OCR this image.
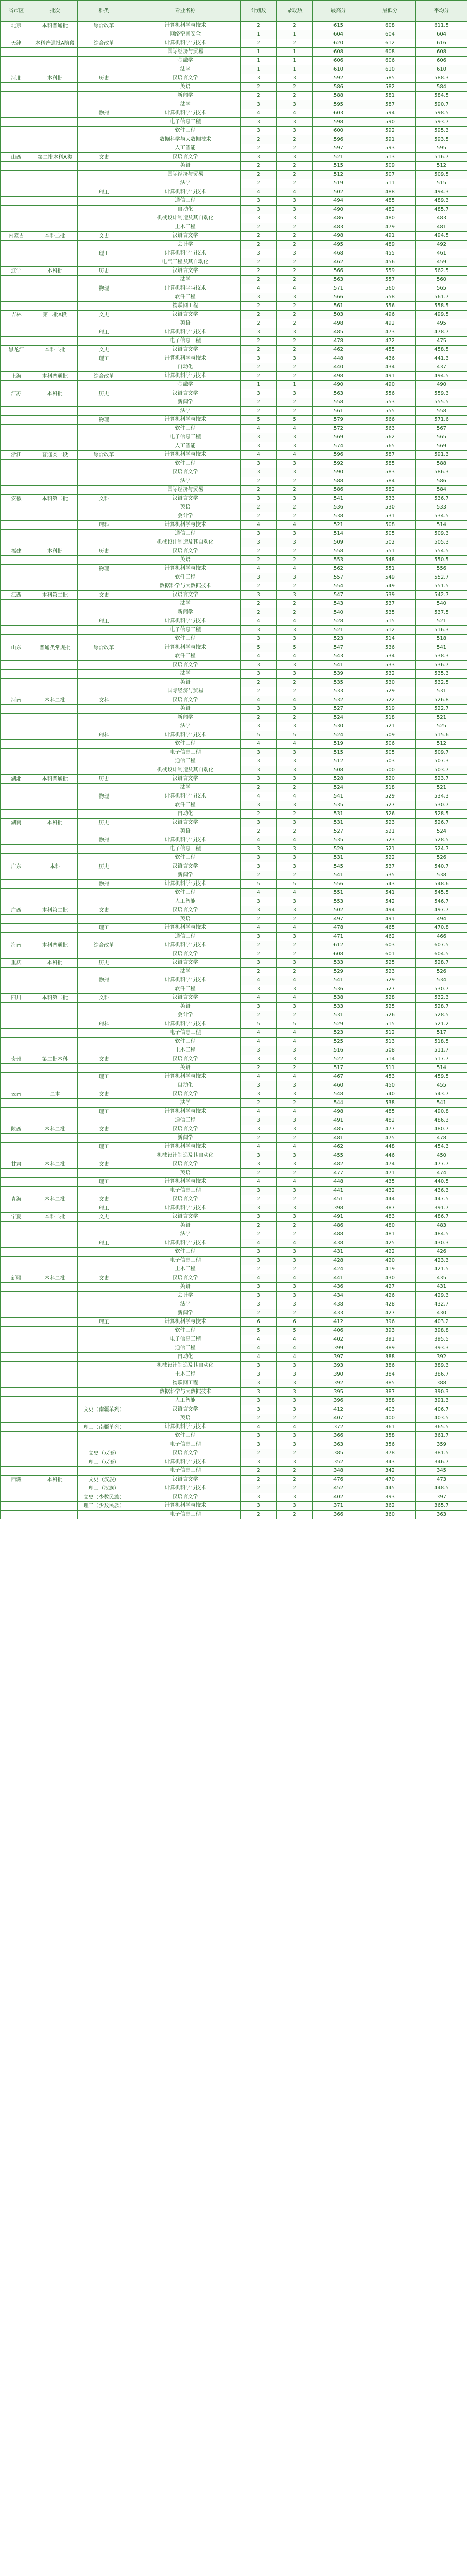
省市区	批次	科类	专业名称	计划数	录取数	最高分	最低分	平均分
北京	本科普通批	综合改革	计算机科学与技术	2	2	615	608	611.5
			网络空间安全	1	1	604	604	604
天津	本科普通批A阶段	综合改革	计算机科学与技术	2	2	620	612	616
			国际经济与贸易	1	1	608	608	608
			金融学	1	1	606	606	606
			法学	1	1	610	610	610
河北	本科批	历史	汉语言文学	3	3	592	585	588.3
			英语	2	2	586	582	584
			新闻学	2	2	588	581	584.5
			法学	3	3	595	587	590.7
		物理	计算机科学与技术	4	4	603	594	598.5
			电子信息工程	3	3	598	590	593.7
			软件工程	3	3	600	592	595.3
			数据科学与大数据技术	2	2	596	591	593.5
			人工智能	2	2	597	593	595
山西	第二批本科A类	文史	汉语言文学	3	3	521	513	516.7
			英语	2	2	515	509	512
			国际经济与贸易	2	2	512	507	509.5
			法学	2	2	519	511	515
		理工	计算机科学与技术	4	4	502	488	494.3
			通信工程	3	3	494	485	489.3
			自动化	3	3	490	482	485.7
			机械设计制造及其自动化	3	3	486	480	483
			土木工程	2	2	483	479	481
内蒙古	本科二批	文史	汉语言文学	2	2	498	491	494.5
			会计学	2	2	495	489	492
		理工	计算机科学与技术	3	3	468	455	461
			电气工程及其自动化	2	2	462	456	459
辽宁	本科批	历史	汉语言文学	2	2	566	559	562.5
			法学	2	2	563	557	560
		物理	计算机科学与技术	4	4	571	560	565
			软件工程	3	3	566	558	561.7
			物联网工程	2	2	561	556	558.5
吉林	第二批A段	文史	汉语言文学	2	2	503	496	499.5
			英语	2	2	498	492	495
		理工	计算机科学与技术	3	3	485	473	478.7
			电子信息工程	2	2	478	472	475
黑龙江	本科二批	文史	汉语言文学	2	2	462	455	458.5
		理工	计算机科学与技术	3	3	448	436	441.3
			自动化	2	2	440	434	437
上海	本科普通批	综合改革	计算机科学与技术	2	2	498	491	494.5
			金融学	1	1	490	490	490
江苏	本科批	历史	汉语言文学	3	3	563	556	559.3
			新闻学	2	2	558	553	555.5
			法学	2	2	561	555	558
		物理	计算机科学与技术	5	5	579	566	571.6
			软件工程	4	4	572	563	567
			电子信息工程	3	3	569	562	565
			人工智能	3	3	574	565	569
浙江	普通类一段	综合改革	计算机科学与技术	4	4	596	587	591.3
			软件工程	3	3	592	585	588
			汉语言文学	3	3	590	583	586.3
			法学	2	2	588	584	586
			国际经济与贸易	2	2	586	582	584
安徽	本科第二批	文科	汉语言文学	3	3	541	533	536.7
			英语	2	2	536	530	533
			会计学	2	2	538	531	534.5
		理科	计算机科学与技术	4	4	521	508	514
			通信工程	3	3	514	505	509.3
			机械设计制造及其自动化	3	3	509	502	505.3
福建	本科批	历史	汉语言文学	2	2	558	551	554.5
			英语	2	2	553	548	550.5
		物理	计算机科学与技术	4	4	562	551	556
			软件工程	3	3	557	549	552.7
			数据科学与大数据技术	2	2	554	549	551.5
江西	本科第二批	文史	汉语言文学	3	3	547	539	542.7
			法学	2	2	543	537	540
			新闻学	2	2	540	535	537.5
		理工	计算机科学与技术	4	4	528	515	521
			电子信息工程	3	3	521	512	516.3
			软件工程	3	3	523	514	518
山东	普通类常规批	综合改革	计算机科学与技术	5	5	547	536	541
			软件工程	4	4	543	534	538.3
			汉语言文学	3	3	541	533	536.7
			法学	3	3	539	532	535.3
			英语	2	2	535	530	532.5
			国际经济与贸易	2	2	533	529	531
河南	本科二批	文科	汉语言文学	4	4	532	522	526.8
			英语	3	3	527	519	522.7
			新闻学	2	2	524	518	521
			法学	3	3	530	521	525
		理科	计算机科学与技术	5	5	524	509	515.6
			软件工程	4	4	519	506	512
			电子信息工程	3	3	515	505	509.7
			通信工程	3	3	512	503	507.3
			机械设计制造及其自动化	3	3	508	500	503.7
湖北	本科普通批	历史	汉语言文学	3	3	528	520	523.7
			法学	2	2	524	518	521
		物理	计算机科学与技术	4	4	541	529	534.3
			软件工程	3	3	535	527	530.7
			自动化	2	2	531	526	528.5
湖南	本科批	历史	汉语言文学	3	3	531	523	526.7
			英语	2	2	527	521	524
		物理	计算机科学与技术	4	4	535	523	528.5
			电子信息工程	3	3	529	521	524.7
			软件工程	3	3	531	522	526
广东	本科	历史	汉语言文学	3	3	545	537	540.7
			新闻学	2	2	541	535	538
		物理	计算机科学与技术	5	5	556	543	548.6
			软件工程	4	4	551	541	545.5
			人工智能	3	3	553	542	546.7
广西	本科第二批	文史	汉语言文学	3	3	502	494	497.7
			英语	2	2	497	491	494
		理工	计算机科学与技术	4	4	478	465	470.8
			通信工程	3	3	471	462	466
海南	本科普通批	综合改革	计算机科学与技术	2	2	612	603	607.5
			汉语言文学	2	2	608	601	604.5
重庆	本科批	历史	汉语言文学	3	3	533	525	528.7
			法学	2	2	529	523	526
		物理	计算机科学与技术	4	4	541	529	534
			软件工程	3	3	536	527	530.7
四川	本科第二批	文科	汉语言文学	4	4	538	528	532.3
			英语	3	3	533	525	528.7
			会计学	2	2	531	526	528.5
		理科	计算机科学与技术	5	5	529	515	521.2
			电子信息工程	4	4	523	512	517
			软件工程	4	4	525	513	518.5
			土木工程	3	3	516	508	511.7
贵州	第二批本科	文史	汉语言文学	3	3	522	514	517.7
			英语	2	2	517	511	514
		理工	计算机科学与技术	4	4	467	453	459.5
			自动化	3	3	460	450	455
云南	二本	文史	汉语言文学	3	3	548	540	543.7
			法学	2	2	544	538	541
		理工	计算机科学与技术	4	4	498	485	490.8
			通信工程	3	3	491	482	486.3
陕西	本科二批	文史	汉语言文学	3	3	485	477	480.7
			新闻学	2	2	481	475	478
		理工	计算机科学与技术	4	4	462	448	454.3
			机械设计制造及其自动化	3	3	455	446	450
甘肃	本科二批	文史	汉语言文学	3	3	482	474	477.7
			英语	2	2	477	471	474
		理工	计算机科学与技术	4	4	448	435	440.5
			电子信息工程	3	3	441	432	436.3
青海	本科二批	文史	汉语言文学	2	2	451	444	447.5
		理工	计算机科学与技术	3	3	398	387	391.7
宁夏	本科二批	文史	汉语言文学	3	3	491	483	486.7
			英语	2	2	486	480	483
			法学	2	2	488	481	484.5
		理工	计算机科学与技术	4	4	438	425	430.3
			软件工程	3	3	431	422	426
			电子信息工程	3	3	428	420	423.3
			土木工程	2	2	424	419	421.5
新疆	本科二批	文史	汉语言文学	4	4	441	430	435
			英语	3	3	436	427	431
			会计学	3	3	434	426	429.3
			法学	3	3	438	428	432.7
			新闻学	2	2	433	427	430
		理工	计算机科学与技术	6	6	412	396	403.2
			软件工程	5	5	406	393	398.8
			电子信息工程	4	4	402	391	395.5
			通信工程	4	4	399	389	393.3
			自动化	4	4	397	388	392
			机械设计制造及其自动化	3	3	393	386	389.3
			土木工程	3	3	390	384	386.7
			物联网工程	3	3	392	385	388
			数据科学与大数据技术	3	3	395	387	390.3
			人工智能	3	3	396	388	391.3
		文史（南疆单列）	汉语言文学	3	3	412	403	406.7
			英语	2	2	407	400	403.5
		理工（南疆单列）	计算机科学与技术	4	4	372	361	365.5
			软件工程	3	3	366	358	361.7
			电子信息工程	3	3	363	356	359
		文史（双语）	汉语言文学	2	2	385	378	381.5
		理工（双语）	计算机科学与技术	3	3	352	343	346.7
			电子信息工程	2	2	348	342	345
西藏	本科批	文史（汉族）	汉语言文学	2	2	476	470	473
		理工（汉族）	计算机科学与技术	2	2	452	445	448.5
		文史（少数民族）	汉语言文学	3	3	402	393	397
		理工（少数民族）	计算机科学与技术	3	3	371	362	365.7
			电子信息工程	2	2	366	360	363
